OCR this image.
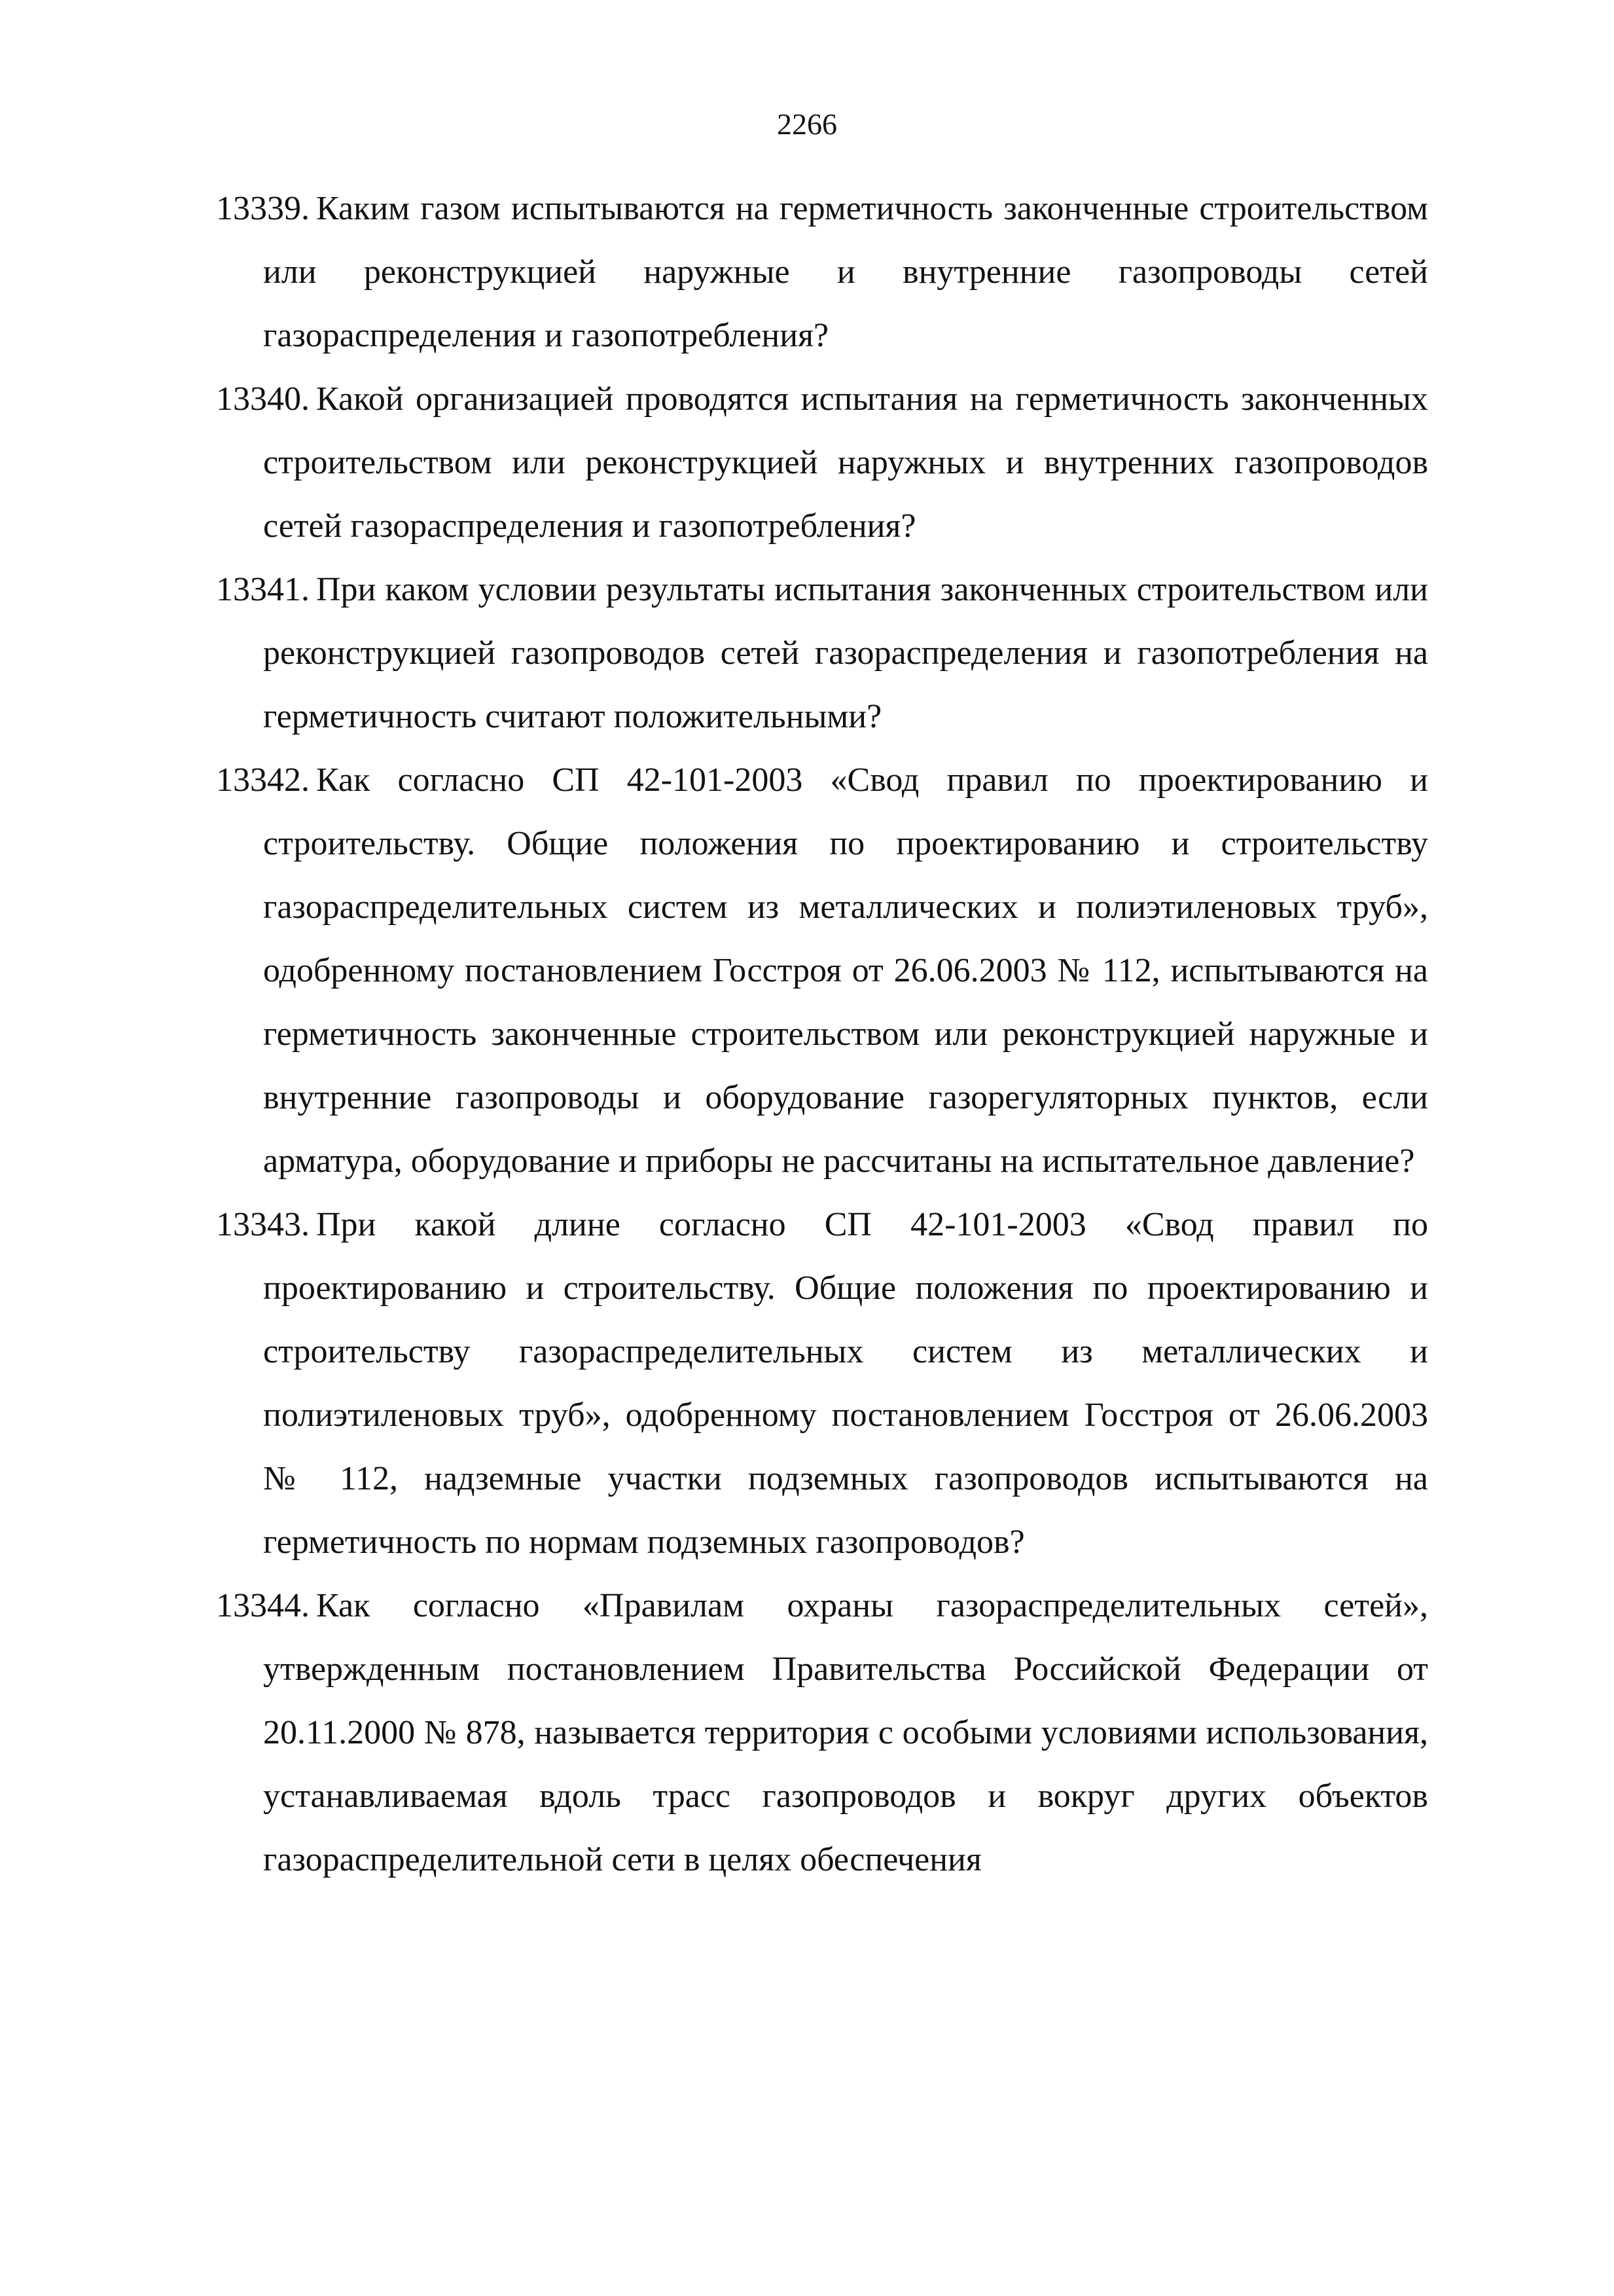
2266

13339. Каким газом испытываются на герметичность законченные строительством или реконструкцией наружные и внутренние газопроводы сетей газораспределения и газопотребления?

13340. Какой организацией проводятся испытания на герметичность законченных строительством или реконструкцией наружных и внутренних газопроводов сетей газораспределения и газопотребления?

13341. При каком условии результаты испытания законченных строительством или реконструкцией газопроводов сетей газораспределения и газопотребления на герметичность считают положительными?

13342. Как согласно СП 42-101-2003 «Свод правил по проектированию и строительству. Общие положения по проектированию и строительству газораспределительных систем из металлических и полиэтиленовых труб», одобренному постановлением Госстроя от 26.06.2003 № 112, испытываются на герметичность законченные строительством или реконструкцией наружные и внутренние газопроводы и оборудование газорегуляторных пунктов, если арматура, оборудование и приборы не рассчитаны на испытательное давление?

13343. При какой длине согласно СП 42-101-2003 «Свод правил по проектированию и строительству. Общие положения по проектированию и строительству газораспределительных систем из металлических и полиэтиленовых труб», одобренному постановлением Госстроя от 26.06.2003 № 112, надземные участки подземных газопроводов испытываются на герметичность по нормам подземных газопроводов?

13344. Как согласно «Правилам охраны газораспределительных сетей», утвержденным постановлением Правительства Российской Федерации от 20.11.2000 № 878, называется территория с особыми условиями использования, устанавливаемая вдоль трасс газопроводов и вокруг других объектов газораспределительной сети в целях обеспечения
